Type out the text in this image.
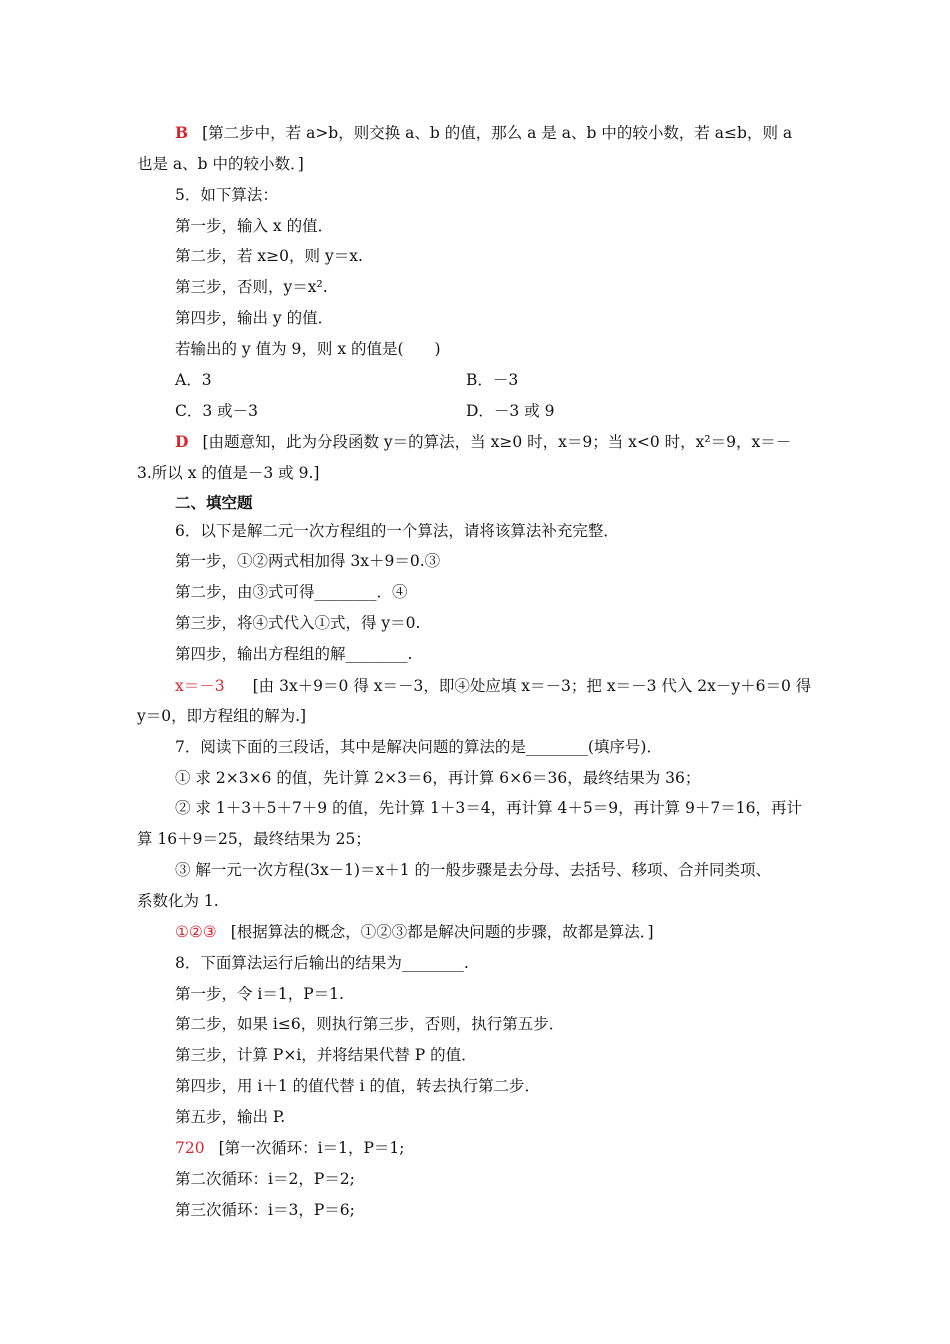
B [第二步中，若 a>b，则交换 a、b 的值，那么 a 是 a、b 中的较小数，若 a≤b，则 a
也是 a、b 中的较小数．]
5．如下算法：
第一步，输入 x 的值．
第二步，若 x≥0，则 y＝x.
第三步，否则，y＝x².
第四步，输出 y 的值．
若输出的 y 值为 9，则 x 的值是(　　)
A．3	B．－3
C．3 或－3	D．－3 或 9
D [由题意知，此为分段函数 y＝的算法，当 x≥0 时，x＝9；当 x<0 时，x²＝9，x＝－
3.所以 x 的值是－3 或 9.]
二、填空题
6．以下是解二元一次方程组的一个算法，请将该算法补充完整．
第一步，①②两式相加得 3x＋9＝0.③
第二步，由③式可得________．④
第三步，将④式代入①式，得 y＝0.
第四步，输出方程组的解________.
x＝－3 [由 3x＋9＝0 得 x＝－3，即④处应填 x＝－3；把 x＝－3 代入 2x－y＋6＝0 得
y＝0，即方程组的解为.]
7．阅读下面的三段话，其中是解决问题的算法的是________(填序号)．
① 求 2×3×6 的值，先计算 2×3＝6，再计算 6×6＝36，最终结果为 36；
② 求 1＋3＋5＋7＋9 的值，先计算 1＋3＝4，再计算 4＋5＝9，再计算 9＋7＝16，再计
算 16＋9＝25，最终结果为 25；
③ 解一元一次方程(3x－1)＝x＋1 的一般步骤是去分母、去括号、移项、合并同类项、
系数化为 1.
①②③ [根据算法的概念，①②③都是解决问题的步骤，故都是算法．]
8．下面算法运行后输出的结果为________.
第一步，令 i＝1，P＝1.
第二步，如果 i≤6，则执行第三步，否则，执行第五步．
第三步，计算 P×i，并将结果代替 P 的值．
第四步，用 i＋1 的值代替 i 的值，转去执行第二步．
第五步，输出 P.
720 [第一次循环：i＝1，P＝1;
第二次循环：i＝2，P＝2;
第三次循环：i＝3，P＝6;
